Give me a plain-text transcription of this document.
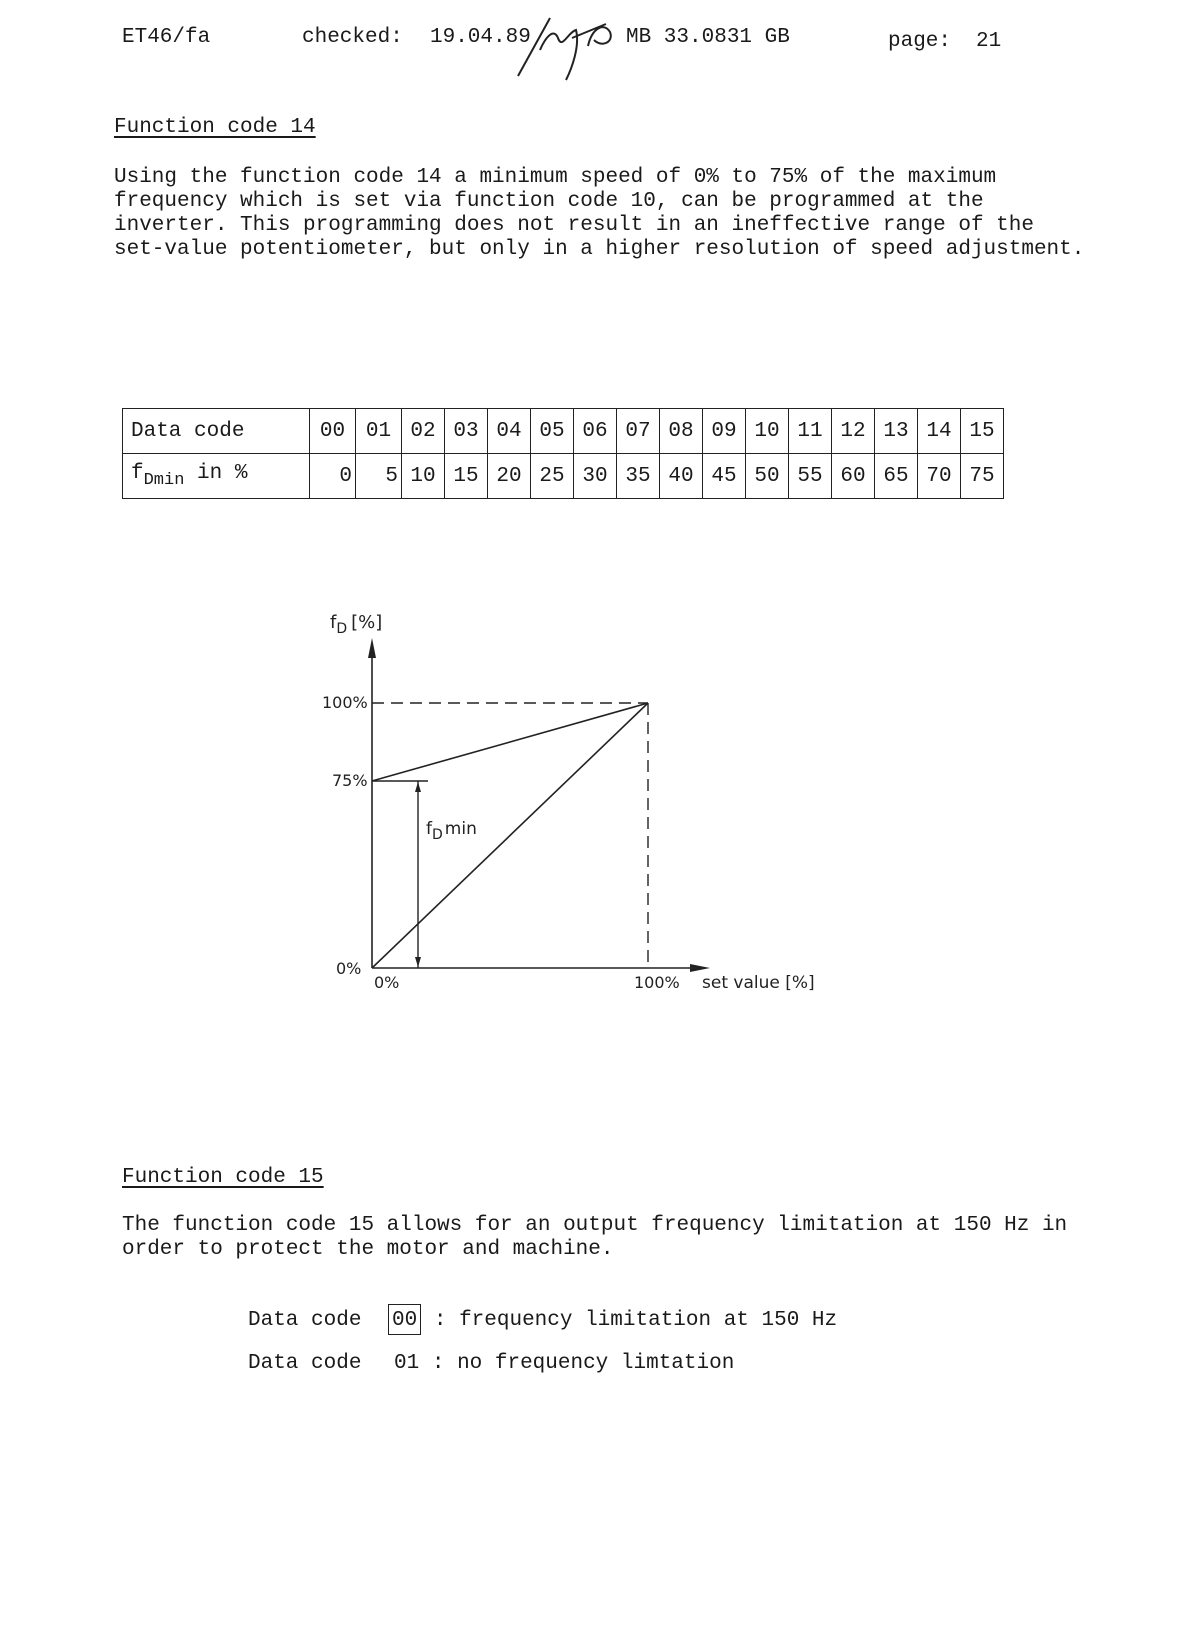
ET46/fa	checked: 19.04.89	MB 33.0831 GB	page: 21
Function code 14
Using the function code 14 a minimum speed of 0% to 75% of the maximum frequency which is set via function code 10, can be programmed at the inverter. This programming does not result in an ineffective range of the set-value potentiometer, but only in a higher resolution of speed adjustment.
Data code	00	01	02	03	04	05	06	07	08	09	10	11	12	13	14	15
$f_{Dmin}$ in %	0	5	10	15	20	25	30	35	40	45	50	55	60	65	70	75
$f_D$ [%]
100%
75%
0%
0%	100% set value [%]
$f_D$ min
Function code 15
The function code 15 allows for an output frequency limitation at 150 Hz in order to protect the motor and machine.
Data code 00 : frequency limitation at 150 Hz
Data code 01 : no frequency limtation
